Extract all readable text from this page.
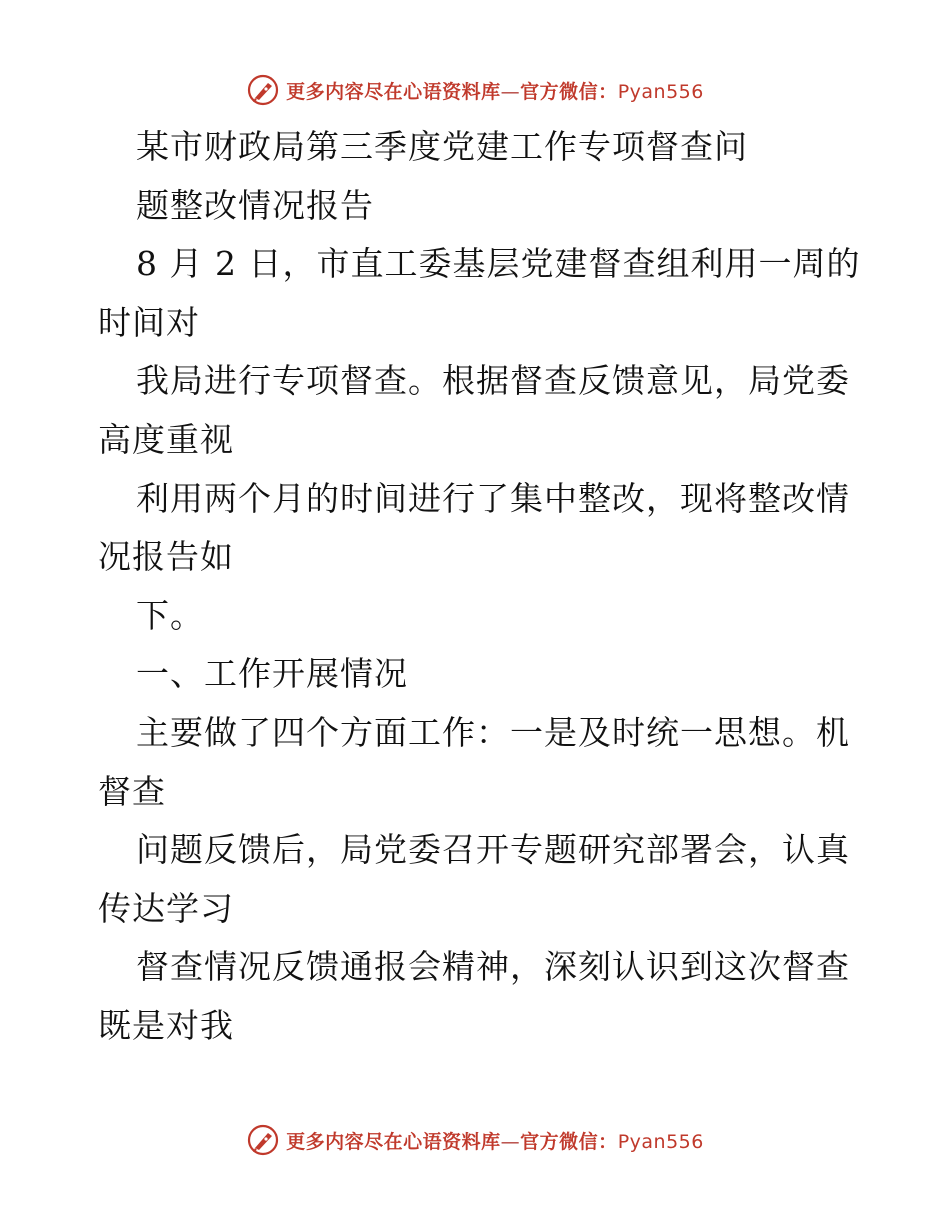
更多内容尽在心语资料库—官方微信：Pyan556
某市财政局第三季度党建工作专项督查问
题整改情况报告
8 月 2 日，市直工委基层党建督查组利用一周的
时间对
我局进行专项督查。根据督查反馈意见，局党委
高度重视
利用两个月的时间进行了集中整改，现将整改情
况报告如
下。
一、工作开展情况
主要做了四个方面工作：一是及时统一思想。机
督查
问题反馈后，局党委召开专题研究部署会，认真
传达学习
督查情况反馈通报会精神，深刻认识到这次督查
既是对我
更多内容尽在心语资料库—官方微信：Pyan556
